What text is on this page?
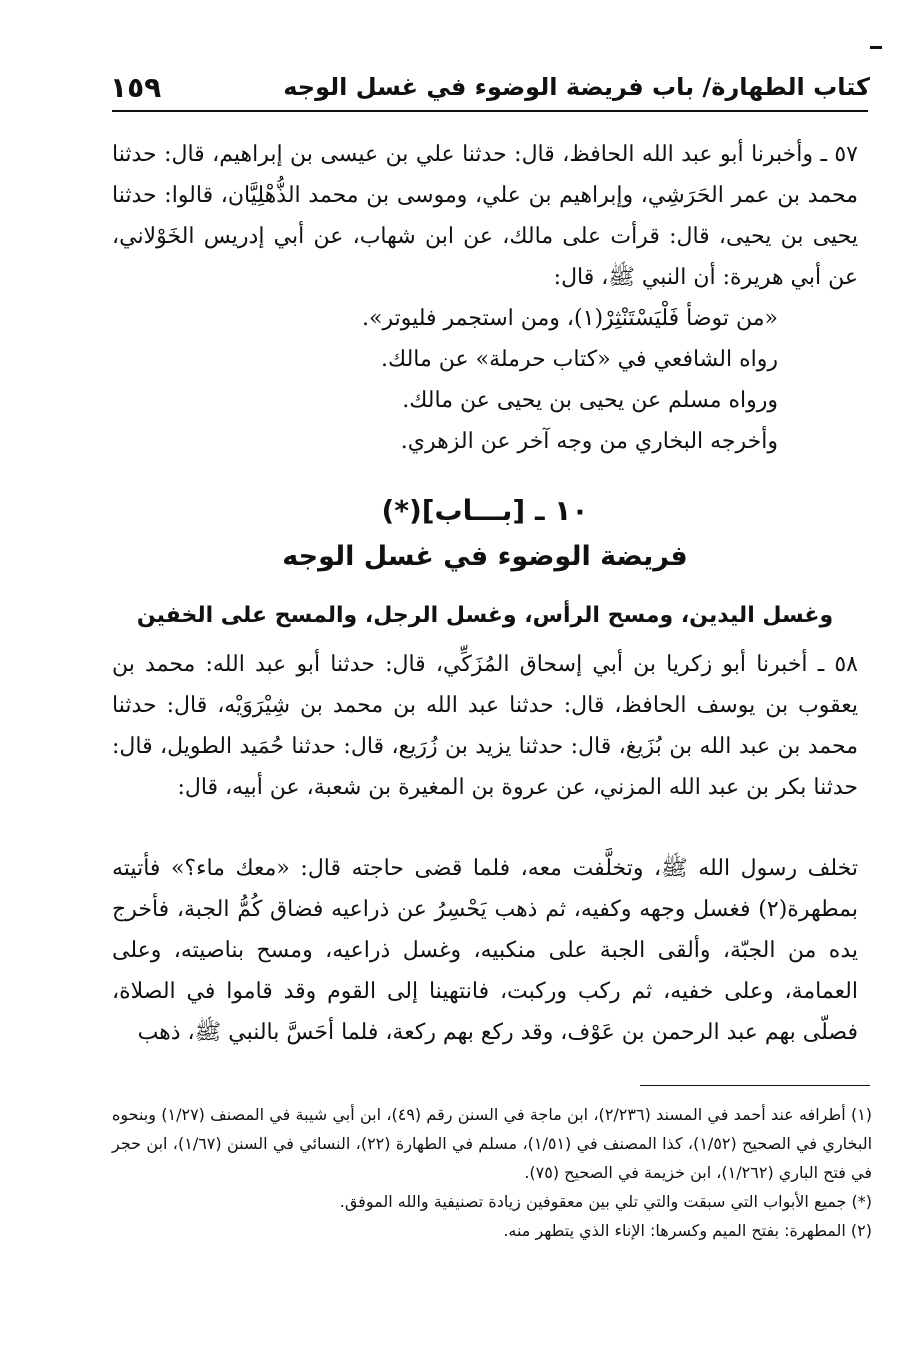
كتاب الطهارة/ باب فريضة الوضوء في غسل الوجه
١٥٩

٥٧ ـ وأخبرنا أبو عبد الله الحافظ، قال: حدثنا علي بن عيسى بن إبراهيم، قال: حدثنا محمد بن عمر الحَرَشِي، وإبراهيم بن علي، وموسى بن محمد الذُّهْلِيَّان، قالوا: حدثنا يحيى بن يحيى، قال: قرأت على مالك، عن ابن شهاب، عن أبي إدريس الخَوْلاني، عن أبي هريرة: أن النبي ﷺ، قال:

«من توضأ فَلْيَسْتَنْثِرْ(١)، ومن استجمر فليوتر».

رواه الشافعي في «كتاب حرملة» عن مالك.

ورواه مسلم عن يحيى بن يحيى عن مالك.

وأخرجه البخاري من وجه آخر عن الزهري.

١٠ ـ [بـــاب](*)
فريضة الوضوء في غسل الوجه
وغسل اليدين، ومسح الرأس، وغسل الرجل، والمسح على الخفين

٥٨ ـ أخبرنا أبو زكريا بن أبي إسحاق المُزَكِّي، قال: حدثنا أبو عبد الله: محمد بن يعقوب بن يوسف الحافظ، قال: حدثنا عبد الله بن محمد بن شِيْرَوَيْه، قال: حدثنا محمد بن عبد الله بن بُزَيغ، قال: حدثنا يزيد بن زُرَيع، قال: حدثنا حُمَيد الطويل، قال: حدثنا بكر بن عبد الله المزني، عن عروة بن المغيرة بن شعبة، عن أبيه، قال:

تخلف رسول الله ﷺ، وتخلَّفت معه، فلما قضى حاجته قال: «معك ماء؟» فأتيته بمطهرة(٢) فغسل وجهه وكفيه، ثم ذهب يَحْسِرُ عن ذراعيه فضاق كُمُّ الجبة، فأخرج يده من الجبّة، وألقى الجبة على منكبيه، وغسل ذراعيه، ومسح بناصيته، وعلى العمامة، وعلى خفيه، ثم ركب وركبت، فانتهينا إلى القوم وقد قاموا في الصلاة، فصلّى بهم عبد الرحمن بن عَوْف، وقد ركع بهم ركعة، فلما أحَسَّ بالنبي ﷺ، ذهب

(١) أطرافه عند أحمد في المسند (٢/٢٣٦)، ابن ماجة في السنن رقم (٤٩)، ابن أبي شيبة في المصنف (١/٢٧) وبنحوه البخاري في الصحيح (١/٥٢)، كذا المصنف في (١/٥١)، مسلم في الطهارة (٢٢)، النسائي في السنن (١/٦٧)، ابن حجر في فتح الباري (١/٢٦٢)، ابن خزيمة في الصحيح (٧٥).

(*) جميع الأبواب التي سبقت والتي تلي بين معقوفين زيادة تصنيفية والله الموفق.

(٢) المطهرة: بفتح الميم وكسرها: الإناء الذي يتطهر منه.
